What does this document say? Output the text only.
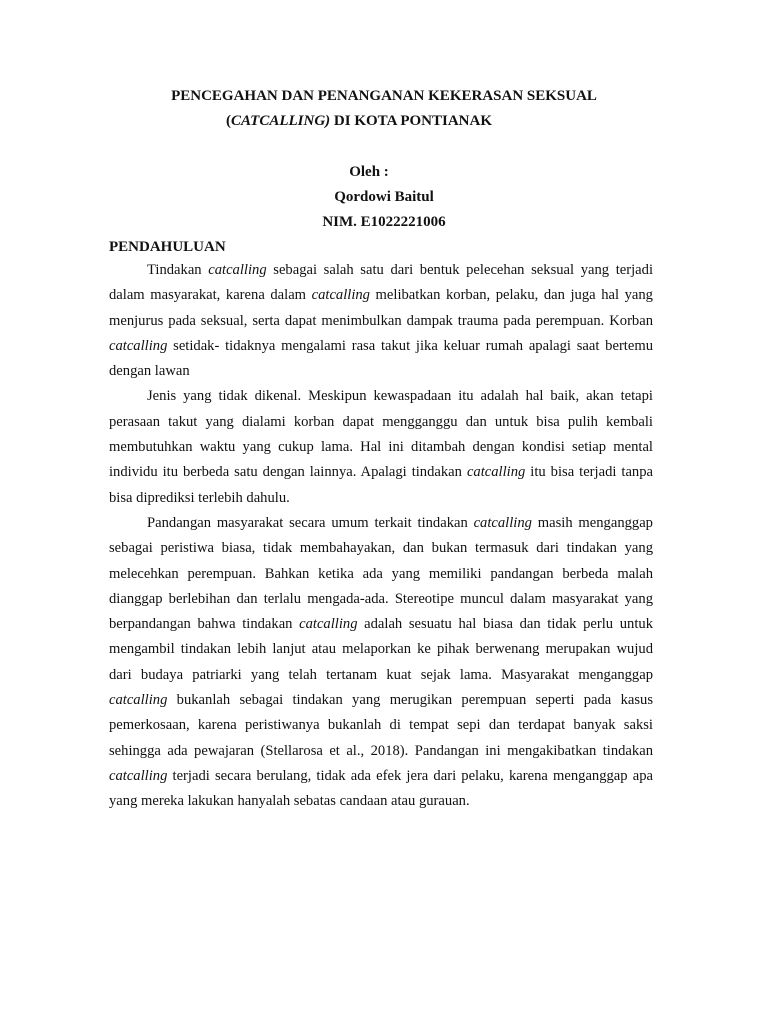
PENCEGAHAN DAN PENANGANAN KEKERASAN SEKSUAL
(CATCALLING) DI KOTA PONTIANAK
Oleh :
Qordowi Baitul
NIM. E1022221006
PENDAHULUAN

Tindakan catcalling sebagai salah satu dari bentuk pelecehan seksual yang terjadi dalam masyarakat, karena dalam catcalling melibatkan korban, pelaku, dan juga hal yang menjurus pada seksual, serta dapat menimbulkan dampak trauma pada perempuan. Korban catcalling setidak- tidaknya mengalami rasa takut jika keluar rumah apalagi saat bertemu dengan lawan

Jenis yang tidak dikenal. Meskipun kewaspadaan itu adalah hal baik, akan tetapi perasaan takut yang dialami korban dapat mengganggu dan untuk bisa pulih kembali membutuhkan waktu yang cukup lama. Hal ini ditambah dengan kondisi setiap mental individu itu berbeda satu dengan lainnya. Apalagi tindakan catcalling itu bisa terjadi tanpa bisa diprediksi terlebih dahulu.

Pandangan masyarakat secara umum terkait tindakan catcalling masih menganggap sebagai peristiwa biasa, tidak membahayakan, dan bukan termasuk dari tindakan yang melecehkan perempuan. Bahkan ketika ada yang memiliki pandangan berbeda malah dianggap berlebihan dan terlalu mengada-ada. Stereotipe muncul dalam masyarakat yang berpandangan bahwa tindakan catcalling adalah sesuatu hal biasa dan tidak perlu untuk mengambil tindakan lebih lanjut atau melaporkan ke pihak berwenang merupakan wujud dari budaya patriarki yang telah tertanam kuat sejak lama. Masyarakat menganggap catcalling bukanlah sebagai tindakan yang merugikan perempuan seperti pada kasus pemerkosaan, karena peristiwanya bukanlah di tempat sepi dan terdapat banyak saksi sehingga ada pewajaran (Stellarosa et al., 2018). Pandangan ini mengakibatkan tindakan catcalling terjadi secara berulang, tidak ada efek jera dari pelaku, karena menganggap apa yang mereka lakukan hanyalah sebatas candaan atau gurauan.
